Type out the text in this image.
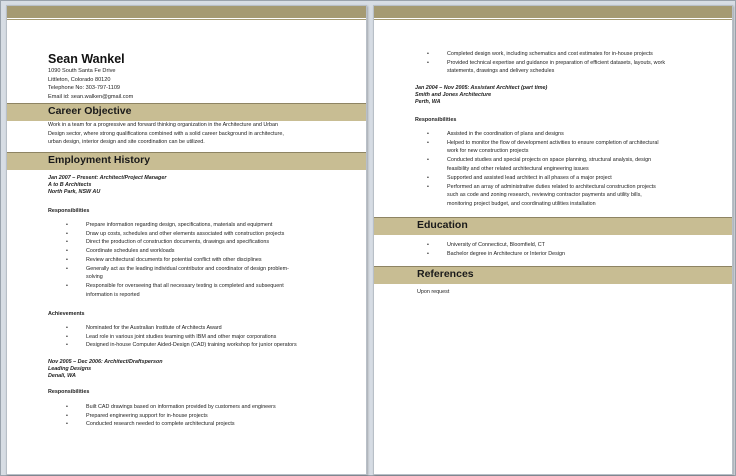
Sean Wankel
1090 South Santa Fe Drive
Littleton, Colorado 80120
Telephone No: 303-797-1109
Email id: sean.walken@gmail.com
Career Objective
Work in a team for a progressive and forward thinking organization in the Architecture and Urban
Design sector, where strong qualifications combined with a solid career background in architecture,
urban design, interior design and site coordination can be utilized.
Employment History
Jan 2007 – Present: Architect/Project Manager
A to B Architects
North Park, NSW AU
Responsibilities
• Prepare information regarding design, specifications, materials and equipment
• Draw up costs, schedules and other elements associated with construction projects
• Direct the production of construction documents, drawings and specifications
• Coordinate schedules and workloads
• Review architectural documents for potential conflict with other disciplines
• Generally act as the leading individual contributor and coordinator of design problem-
solving
• Responsible for overseeing that all necessary testing is completed and subsequent
information is reported
Achievements
• Nominated for the Australian Institute of Architects Award
• Lead role in various joint studies teaming with IBM and other major corporations
• Designed in-house Computer Aided-Design (CAD) training workshop for junior operators
Nov 2005 – Dec 2006: Architect/Draftsperson
Leading Designs
Denali, WA
Responsibilities
• Built CAD drawings based on information provided by customers and engineers
• Prepared engineering support for in-house projects
• Conducted research needed to complete architectural projects
• Completed design work, including schematics and cost estimates for in-house projects
• Provided technical expertise and guidance in preparation of efficient datasets, layouts, work
statements, drawings and delivery schedules
Jan 2004 – Nov 2005: Assistant Architect (part time)
Smith and Jones Architecture
Perth, WA
Responsibilities
• Assisted in the coordination of plans and designs
• Helped to monitor the flow of development activities to ensure completion of architectural
work for new construction projects
• Conducted studies and special projects on space planning, structural analysis, design
feasibility and other related architectural engineering issues
• Supported and assisted lead architect in all phases of a major project
• Performed an array of administrative duties related to architectural construction projects
such as code and zoning research, reviewing contractor payments and utility bills,
monitoring project budget, and coordinating utilities installation
Education
• University of Connecticut, Bloomfield, CT
• Bachelor degree in Architecture or Interior Design
References
Upon request
